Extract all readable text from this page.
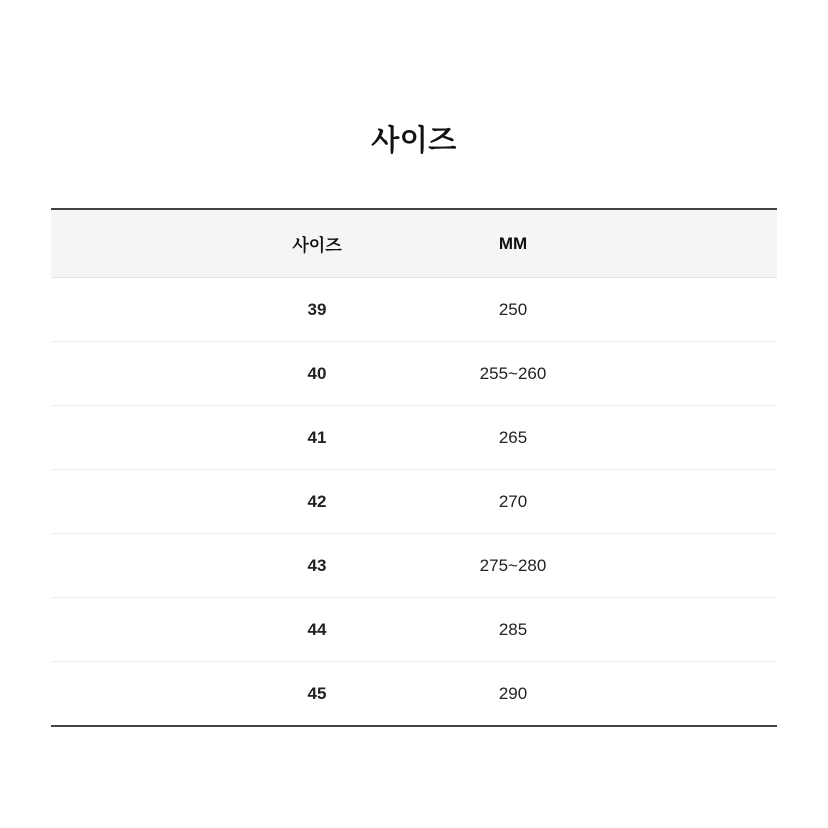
사이즈
	사이즈	MM	
	39	250	
	40	255~260	
	41	265	
	42	270	
	43	275~280	
	44	285	
	45	290	
